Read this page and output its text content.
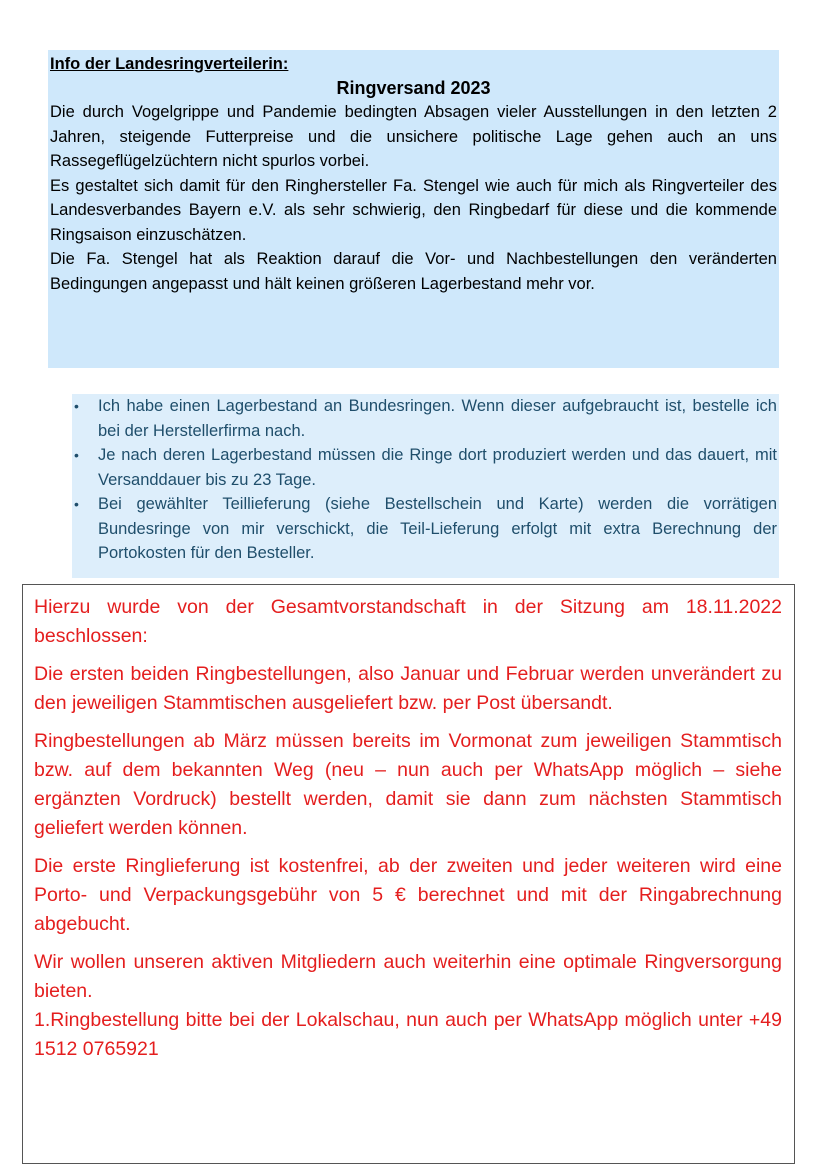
Info der Landesringverteilerin:
Ringversand 2023

Die durch Vogelgrippe und Pandemie bedingten Absagen vieler Ausstellungen in den letzten 2 Jahren, steigende Futterpreise und die unsichere politische Lage gehen auch an uns Rassegeflügelzüchtern nicht spurlos vorbei.

Es gestaltet sich damit für den Ringhersteller Fa. Stengel wie auch für mich als Ringverteiler des Landesverbandes Bayern e.V. als sehr schwierig, den Ringbedarf für diese und die kommende Ringsaison einzuschätzen.

Die Fa. Stengel hat als Reaktion darauf die Vor- und Nachbestellungen den veränderten Bedingungen angepasst und hält keinen größeren Lagerbestand mehr vor.

• Ich habe einen Lagerbestand an Bundesringen. Wenn dieser aufgebraucht ist, bestelle ich bei der Herstellerfirma nach.
• Je nach deren Lagerbestand müssen die Ringe dort produziert werden und das dauert, mit Versanddauer bis zu 23 Tage.
• Bei gewählter Teillieferung (siehe Bestellschein und Karte) werden die vorrätigen Bundesringe von mir verschickt, die Teil-Lieferung erfolgt mit extra Berechnung der Portokosten für den Besteller.

Hierzu wurde von der Gesamtvorstandschaft in der Sitzung am 18.11.2022 beschlossen:

Die ersten beiden Ringbestellungen, also Januar und Februar werden unverändert zu den jeweiligen Stammtischen ausgeliefert bzw. per Post übersandt.

Ringbestellungen ab März müssen bereits im Vormonat zum jeweiligen Stammtisch bzw. auf dem bekannten Weg (neu – nun auch per WhatsApp möglich – siehe ergänzten Vordruck) bestellt werden, damit sie dann zum nächsten Stammtisch geliefert werden können.

Die erste Ringlieferung ist kostenfrei, ab der zweiten und jeder weiteren wird eine Porto- und Verpackungsgebühr von 5 € berechnet und mit der Ringabrechnung abgebucht.

Wir wollen unseren aktiven Mitgliedern auch weiterhin eine optimale Ringversorgung bieten.

1.Ringbestellung bitte bei der Lokalschau, nun auch per WhatsApp möglich unter +49 1512 0765921
